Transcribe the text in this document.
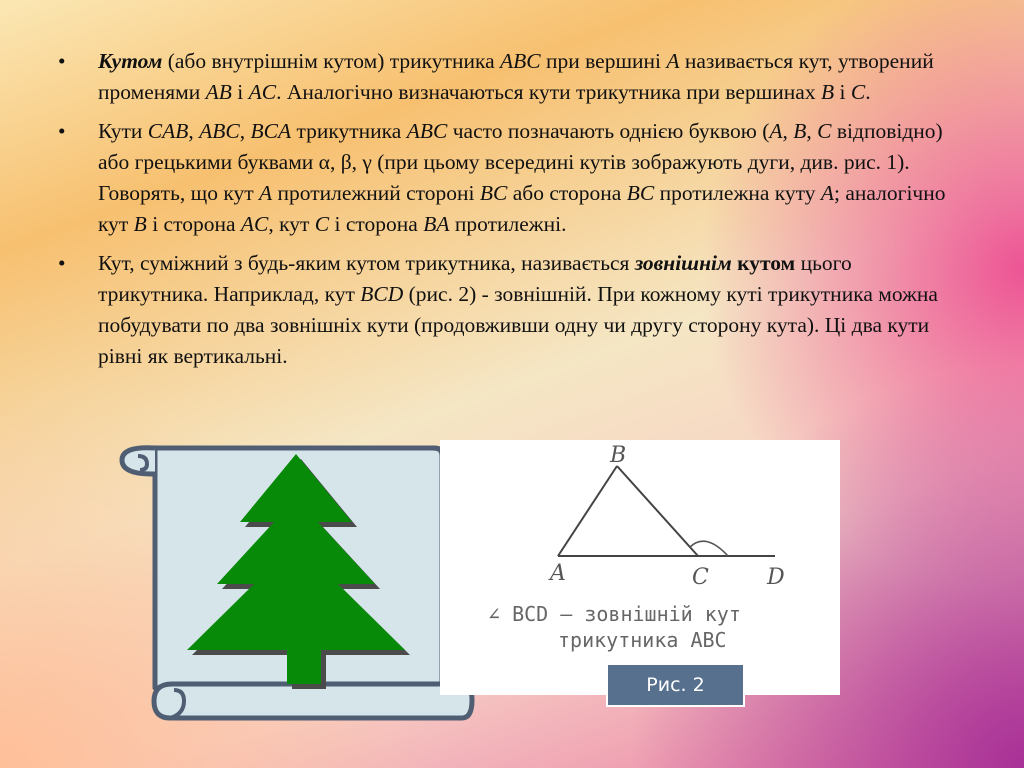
• Кутом (або внутрішнім кутом) трикутника ABC при вершині A називається кут, утворений променями AB і AC. Аналогічно визначаються кути трикутника при вершинах B і C.
• Кути CAB, ABC, BCA трикутника ABC часто позначають однією буквою (A, B, C відповідно) або грецькими буквами α, β, γ (при цьому всередині кутів зображують дуги, див. рис. 1). Говорять, що кут A протилежний стороні BC або сторона BC протилежна куту A; аналогічно кут B і сторона AC, кут C і сторона BA протилежні.
• Кут, суміжний з будь-яким кутом трикутника, називається зовнішнім кутом цього трикутника. Наприклад, кут BCD (рис. 2) - зовнішній. При кожному куті трикутника можна побудувати по два зовнішніх кути (продовживши одну чи другу сторону кута). Ці два кути рівні як вертикальні.
B
A	C	D
∠ BCD — зовнішній кут
трикутника ABC
Рис. 2
